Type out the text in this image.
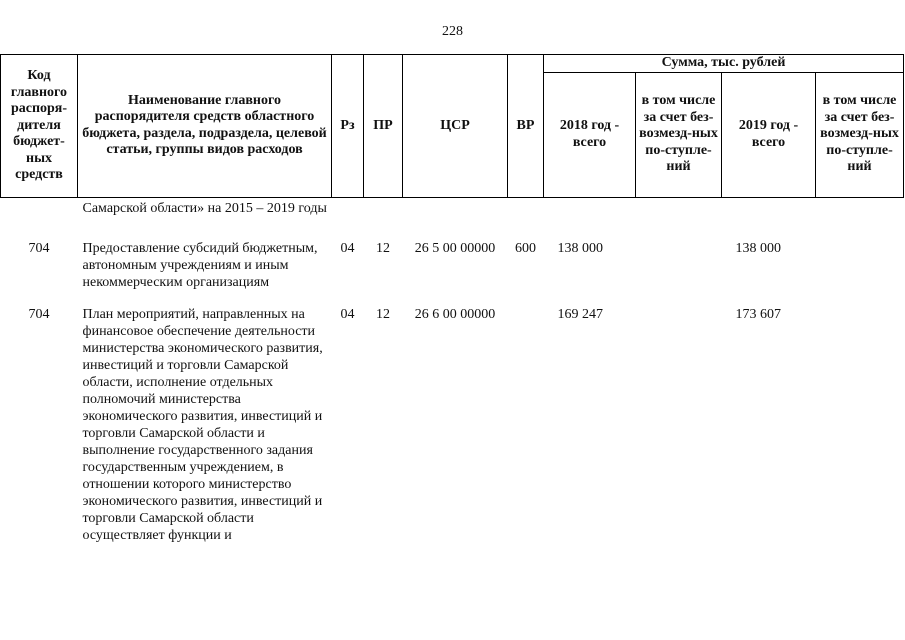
228
Код главного распоря-дителя бюджет-ных средств	Наименование главного распорядителя средств областного бюджета, раздела, подраздела, целевой статьи, группы видов расходов	Рз	ПР	ЦСР	ВР	Сумма, тыс. рублей			
						2018 год - всего	в том числе за счет без-возмезд-ных по-ступле-ний	2019 год - всего	в том числе за счет без-возмезд-ных по-ступле-ний
	Самарской области» на 2015 – 2019 годы								

704	Предоставление субсидий бюджетным, автономным учреждениям и иным некоммерческим организациям	04	12	26 5 00 00000	600	138 000		138 000	
704	План мероприятий, направленных на финансовое обеспечение деятельности министерства экономического развития, инвестиций и торговли Самарской области, исполнение отдельных полномочий министерства экономического развития, инвестиций и торговли Самарской области и выполнение государственного задания государственным учреждением, в отношении которого министерство экономического развития, инвестиций и торговли Самарской области осуществляет функции и	04	12	26 6 00 00000		169 247		173 607	
